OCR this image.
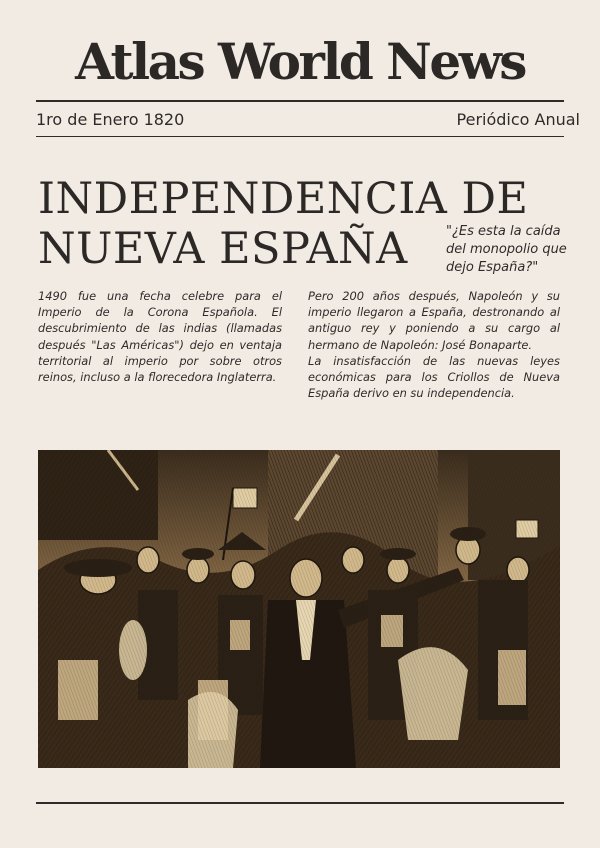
Atlas World News
1ro de Enero 1820	Periódico Anual
INDEPENDENCIA DE
NUEVA ESPAÑA	"¿Es esta la caída del monopolio que dejo España?"

1490 fue una fecha celebre para el Imperio de la Corona Española. El descubrimiento de las indias (llamadas después "Las Américas") dejo en ventaja territorial al imperio por sobre otros reinos, incluso a la florecedora Inglaterra.

Pero 200 años después, Napoleón y su imperio llegaron a España, destronando al antiguo rey y poniendo a su cargo al hermano de Napoleón: José Bonaparte.

La insatisfacción de las nuevas leyes económicas para los Criollos de Nueva España derivo en su independencia.
